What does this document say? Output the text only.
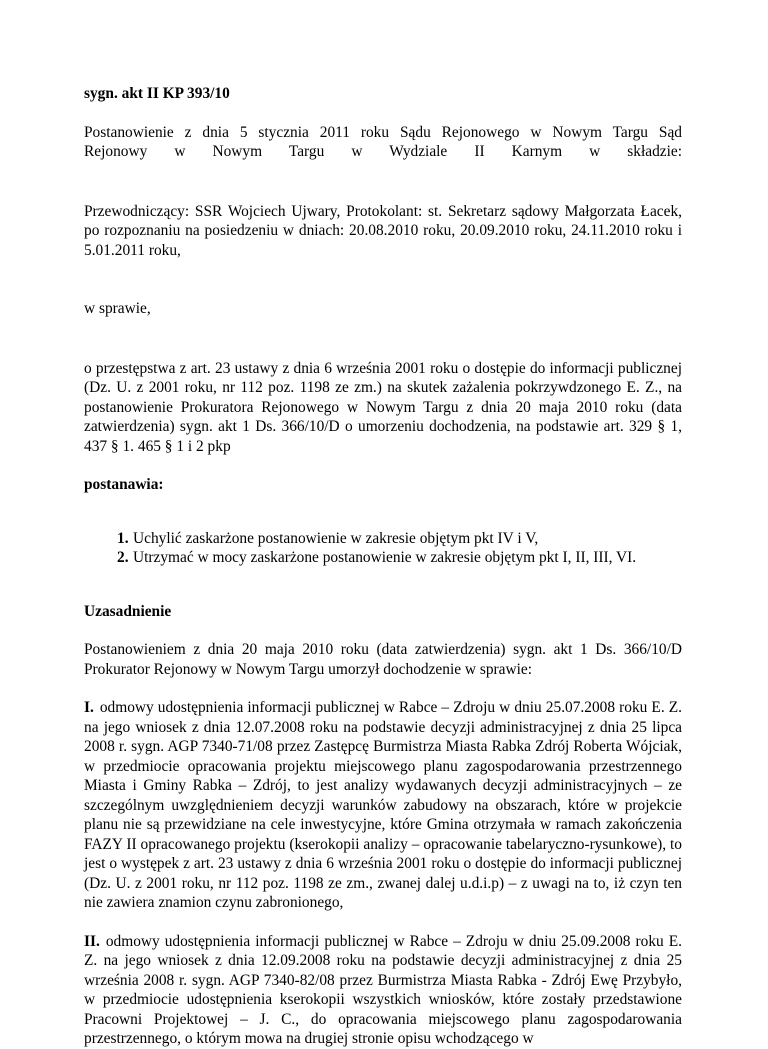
sygn. akt II KP 393/10

Postanowienie z dnia 5 stycznia 2011 roku Sądu Rejonowego w Nowym Targu Sąd

Rejonowy w Nowym Targu w Wydziale II Karnym w składzie:

Przewodniczący: SSR Wojciech Ujwary, Protokolant: st. Sekretarz sądowy Małgorzata Łacek, po rozpoznaniu na posiedzeniu w dniach: 20.08.2010 roku, 20.09.2010 roku, 24.11.2010 roku i 5.01.2011 roku,

w sprawie,

o przestępstwa z art. 23 ustawy z dnia 6 września 2001 roku o dostępie do informacji publicznej (Dz. U. z 2001 roku, nr 112 poz. 1198 ze zm.) na skutek zażalenia pokrzywdzonego E. Z., na postanowienie Prokuratora Rejonowego w Nowym Targu z dnia 20 maja 2010 roku (data zatwierdzenia) sygn. akt 1 Ds. 366/10/D o umorzeniu dochodzenia, na podstawie art. 329 § 1, 437 § 1. 465 § 1 i 2 pkp

postanawia:

1. Uchylić zaskarżone postanowienie w zakresie objętym pkt IV i V,
2. Utrzymać w mocy zaskarżone postanowienie w zakresie objętym pkt I, II, III, VI.

Uzasadnienie

Postanowieniem z dnia 20 maja 2010 roku (data zatwierdzenia) sygn. akt 1 Ds. 366/10/D Prokurator Rejonowy w Nowym Targu umorzył dochodzenie w sprawie:

I. odmowy udostępnienia informacji publicznej w Rabce – Zdroju w dniu 25.07.2008 roku E. Z. na jego wniosek z dnia 12.07.2008 roku na podstawie decyzji administracyjnej z dnia 25 lipca 2008 r. sygn. AGP 7340-71/08 przez Zastępcę Burmistrza Miasta Rabka Zdrój Roberta Wójciak, w przedmiocie opracowania projektu miejscowego planu zagospodarowania przestrzennego Miasta i Gminy Rabka – Zdrój, to jest analizy wydawanych decyzji administracyjnych – ze szczególnym uwzględnieniem decyzji warunków zabudowy na obszarach, które w projekcie planu nie są przewidziane na cele inwestycyjne, które Gmina otrzymała w ramach zakończenia FAZY II opracowanego projektu (kserokopii analizy – opracowanie tabelaryczno-rysunkowe), to jest o występek z art. 23 ustawy z dnia 6 września 2001 roku o dostępie do informacji publicznej (Dz. U. z 2001 roku, nr 112 poz. 1198 ze zm., zwanej dalej u.d.i.p) – z uwagi na to, iż czyn ten nie zawiera znamion czynu zabronionego,

II. odmowy udostępnienia informacji publicznej w Rabce – Zdroju w dniu 25.09.2008 roku E. Z. na jego wniosek z dnia 12.09.2008 roku na podstawie decyzji administracyjnej z dnia 25 września 2008 r. sygn. AGP 7340-82/08 przez Burmistrza Miasta Rabka - Zdrój Ewę Przybyło, w przedmiocie udostępnienia kserokopii wszystkich wniosków, które zostały przedstawione Pracowni Projektowej – J. C., do opracowania miejscowego planu zagospodarowania przestrzennego, o którym mowa na drugiej stronie opisu wchodzącego w
